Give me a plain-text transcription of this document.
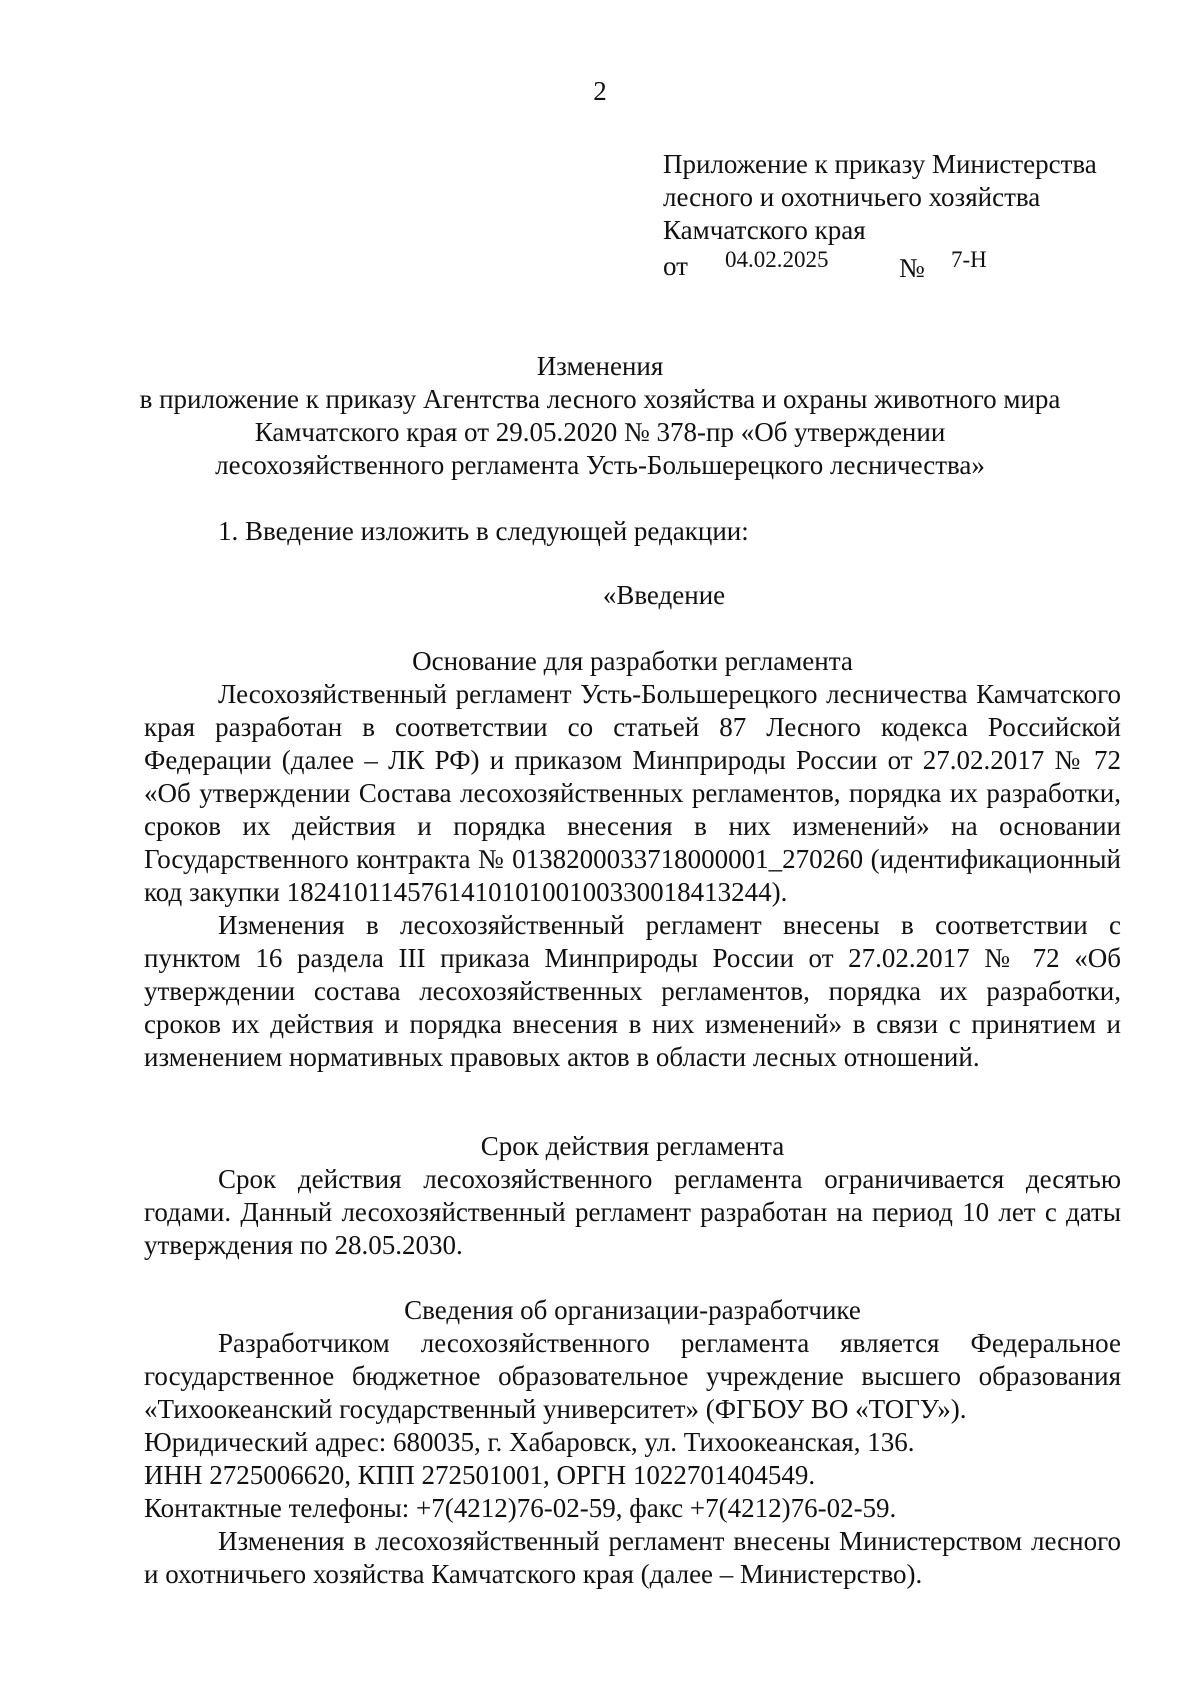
2
Приложение к приказу Министерства
лесного и охотничьего хозяйства
Камчатского края
от 04.02.2025	№ 7-Н
Изменения
в приложение к приказу Агентства лесного хозяйства и охраны животного мира
Камчатского края от 29.05.2020 № 378-пр «Об утверждении
лесохозяйственного регламента Усть-Большерецкого лесничества»
1. Введение изложить в следующей редакции:
«Введение
Основание для разработки регламента

Лесохозяйственный регламент Усть-Большерецкого лесничества Камчатского края разработан в соответствии со статьей 87 Лесного кодекса Российской Федерации (далее – ЛК РФ) и приказом Минприроды России от 27.02.2017 № 72 «Об утверждении Состава лесохозяйственных регламентов, порядка их разработки, сроков их действия и порядка внесения в них изменений» на основании Государственного контракта № 0138200033718000001_270260 (идентификационный код закупки 182410114576141010100100330018413244).

Изменения в лесохозяйственный регламент внесены в соответствии с пунктом 16 раздела III приказа Минприроды России от 27.02.2017 № 72 «Об утверждении состава лесохозяйственных регламентов, порядка их разработки, сроков их действия и порядка внесения в них изменений» в связи с принятием и изменением нормативных правовых актов в области лесных отношений.

Срок действия регламента

Срок действия лесохозяйственного регламента ограничивается десятью годами. Данный лесохозяйственный регламент разработан на период 10 лет с даты утверждения по 28.05.2030.

Сведения об организации-разработчике

Разработчиком лесохозяйственного регламента является Федеральное государственное бюджетное образовательное учреждение высшего образования «Тихоокеанский государственный университет» (ФГБОУ ВО «ТОГУ»).

Юридический адрес: 680035, г. Хабаровск, ул. Тихоокеанская, 136.

ИНН 2725006620, КПП 272501001, ОРГН 1022701404549.

Контактные телефоны: +7(4212)76-02-59, факс +7(4212)76-02-59.

Изменения в лесохозяйственный регламент внесены Министерством лесного и охотничьего хозяйства Камчатского края (далее – Министерство).
